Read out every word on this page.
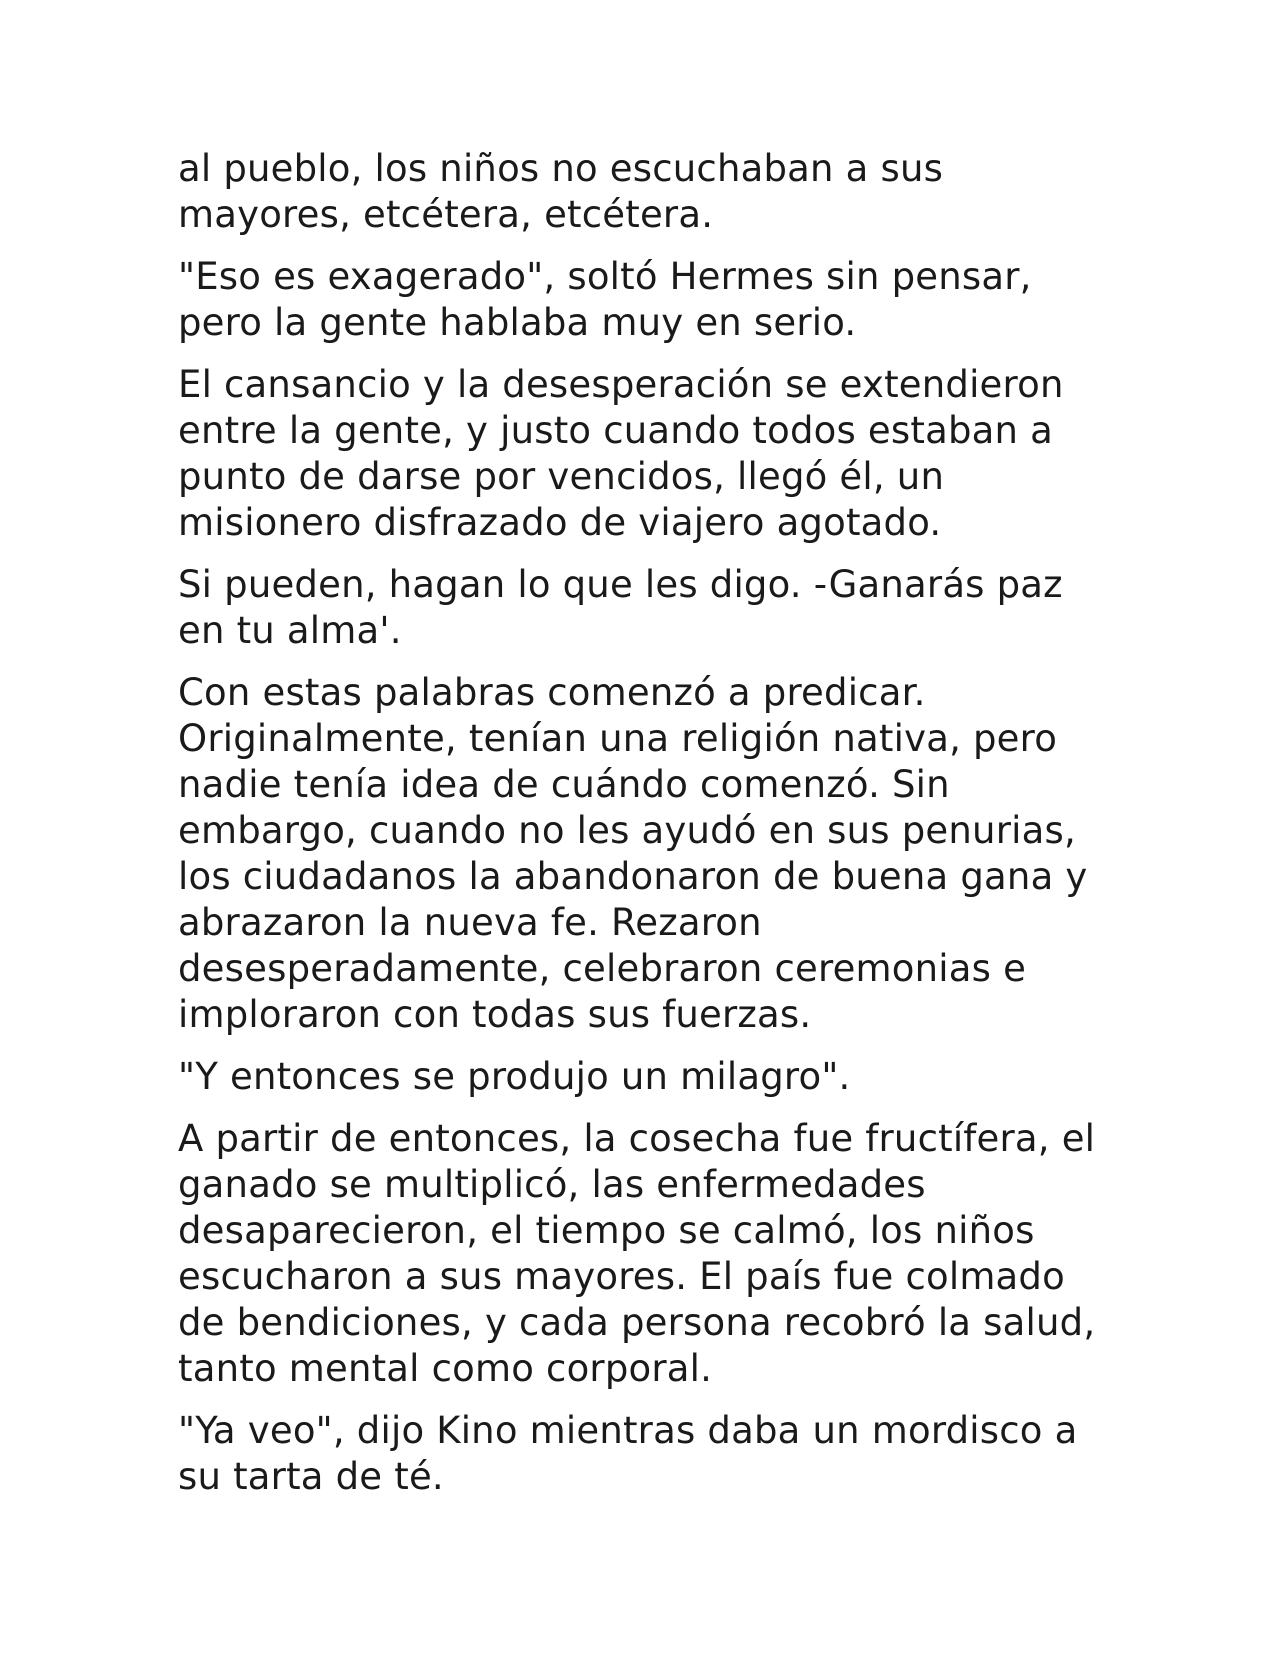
al pueblo, los niños no escuchaban a sus mayores, etcétera, etcétera.

"Eso es exagerado", soltó Hermes sin pensar, pero la gente hablaba muy en serio.

El cansancio y la desesperación se extendieron entre la gente, y justo cuando todos estaban a punto de darse por vencidos, llegó él, un misionero disfrazado de viajero agotado.

Si pueden, hagan lo que les digo. -Ganarás paz en tu alma'.

Con estas palabras comenzó a predicar. Originalmente, tenían una religión nativa, pero nadie tenía idea de cuándo comenzó. Sin embargo, cuando no les ayudó en sus penurias, los ciudadanos la abandonaron de buena gana y abrazaron la nueva fe. Rezaron desesperadamente, celebraron ceremonias e imploraron con todas sus fuerzas.

"Y entonces se produjo un milagro".

A partir de entonces, la cosecha fue fructífera, el ganado se multiplicó, las enfermedades desaparecieron, el tiempo se calmó, los niños escucharon a sus mayores. El país fue colmado de bendiciones, y cada persona recobró la salud, tanto mental como corporal.

"Ya veo", dijo Kino mientras daba un mordisco a su tarta de té.
